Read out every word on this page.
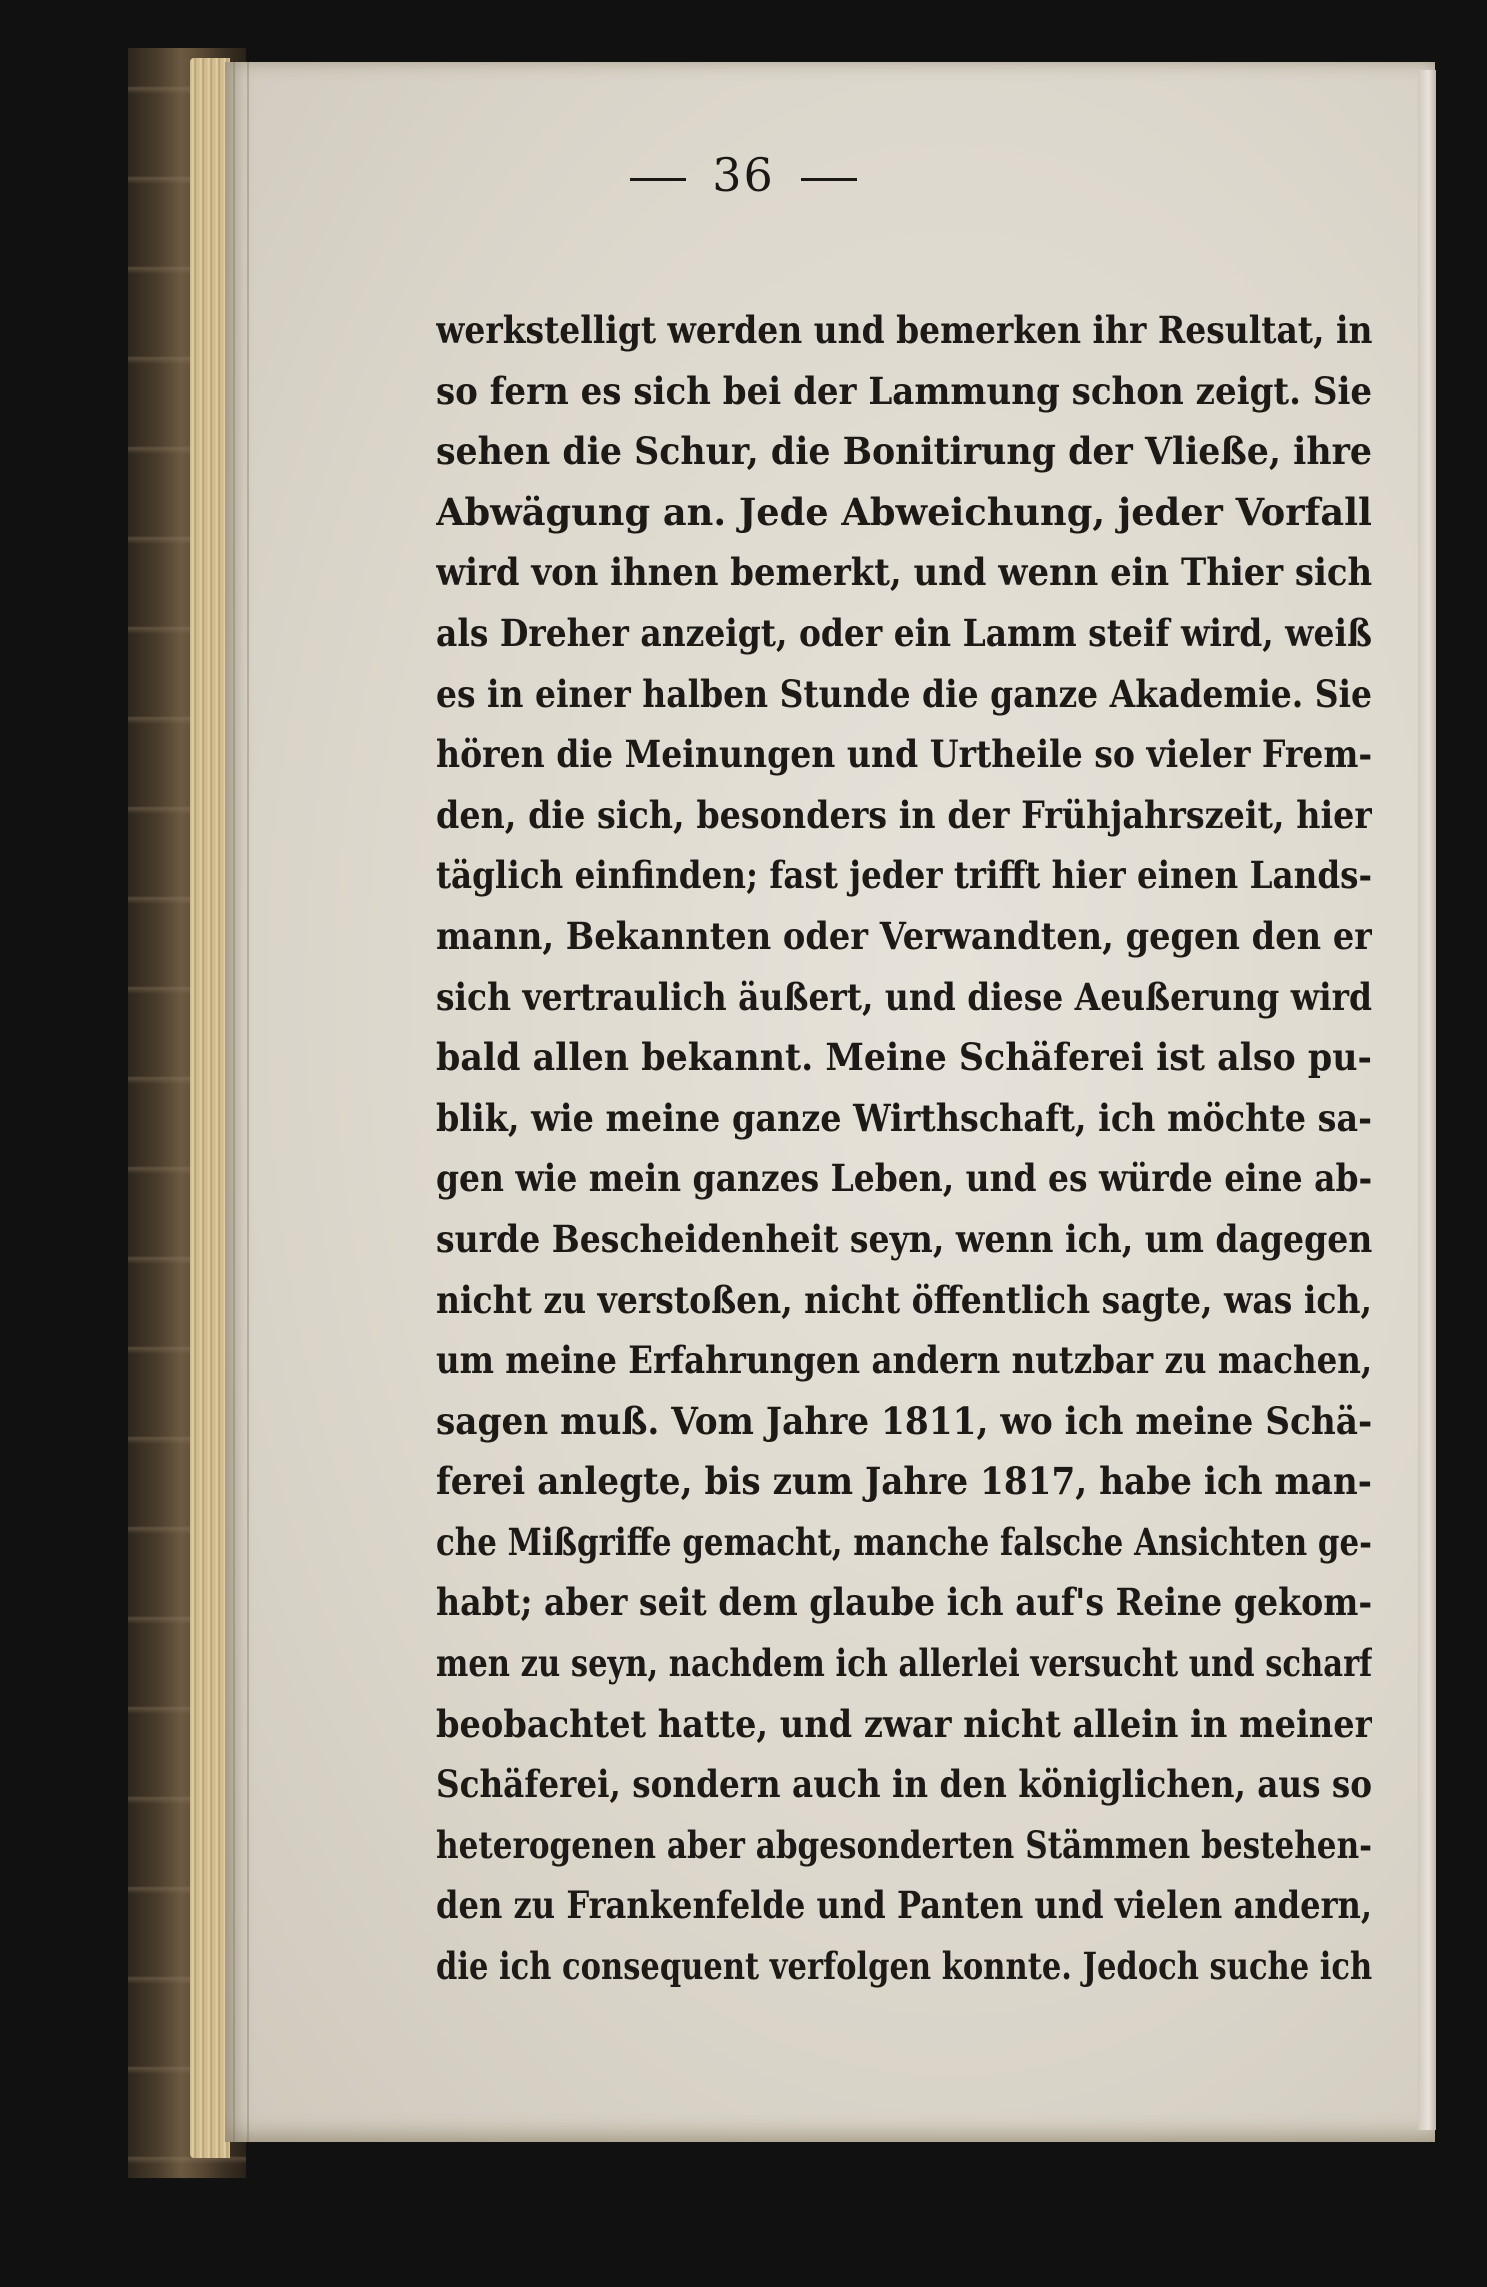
36
werkstelligt werden und bemerken ihr Resultat, in
so fern es sich bei der Lammung schon zeigt. Sie
sehen die Schur, die Bonitirung der Vließe, ihre
Abwägung an. Jede Abweichung, jeder Vorfall
wird von ihnen bemerkt, und wenn ein Thier sich
als Dreher anzeigt, oder ein Lamm steif wird, weiß
es in einer halben Stunde die ganze Akademie. Sie
hören die Meinungen und Urtheile so vieler Frem-
den, die sich, besonders in der Frühjahrszeit, hier
täglich einfinden; fast jeder trifft hier einen Lands-
mann, Bekannten oder Verwandten, gegen den er
sich vertraulich äußert, und diese Aeußerung wird
bald allen bekannt. Meine Schäferei ist also pu-
blik, wie meine ganze Wirthschaft, ich möchte sa-
gen wie mein ganzes Leben, und es würde eine ab-
surde Bescheidenheit seyn, wenn ich, um dagegen
nicht zu verstoßen, nicht öffentlich sagte, was ich,
um meine Erfahrungen andern nutzbar zu machen,
sagen muß. Vom Jahre 1811, wo ich meine Schä-
ferei anlegte, bis zum Jahre 1817, habe ich man-
che Mißgriffe gemacht, manche falsche Ansichten ge-
habt; aber seit dem glaube ich auf's Reine gekom-
men zu seyn, nachdem ich allerlei versucht und scharf
beobachtet hatte, und zwar nicht allein in meiner
Schäferei, sondern auch in den königlichen, aus so
heterogenen aber abgesonderten Stämmen bestehen-
den zu Frankenfelde und Panten und vielen andern,
die ich consequent verfolgen konnte. Jedoch suche ich
